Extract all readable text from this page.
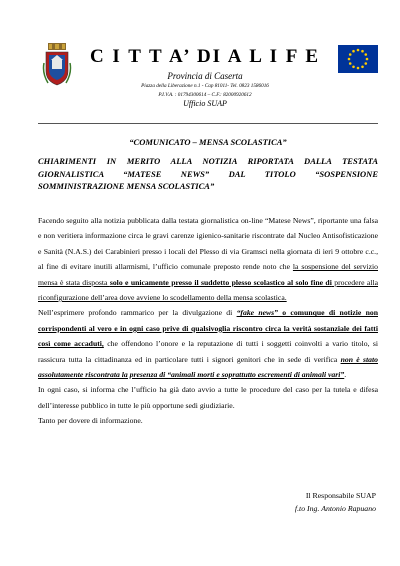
C I T T A’ DI A L I F E
Provincia di Caserta
Piazza della Liberazione n.1 - Cap 81011- Tel. 0823 1586016
P.I.V.A. : 01794300614 – C.F.: 82000920612
Ufficio SUAP
“COMUNICATO – MENSA SCOLASTICA”
CHIARIMENTI IN MERITO ALLA NOTIZIA RIPORTATA DALLA TESTATA GIORNALISTICA “MATESE NEWS” DAL TITOLO “SOSPENSIONE SOMMINISTRAZIONE MENSA SCOLASTICA”

Facendo seguito alla notizia pubblicata dalla testata giornalistica on-line “Matese News”, riportante una falsa e non veritiera informazione circa le gravi carenze igienico-sanitarie riscontrate dal Nucleo Antisofisticazione e Sanità (N.A.S.) dei Carabinieri presso i locali del Plesso di via Gramsci nella giornata di ieri 9 ottobre c.c., al fine di evitare inutili allarmismi, l’ufficio comunale preposto rende noto che la sospensione del servizio mensa è stata disposta solo e unicamente presso il suddetto plesso scolastico al solo fine di procedere alla riconfigurazione dell’area dove avviene lo scodellamento della mensa scolastica.

Nell’esprimere profondo rammarico per la divulgazione di “fake news” o comunque di notizie non corrispondenti al vero e in ogni caso prive di qualsivoglia riscontro circa la verità sostanziale dei fatti così come accaduti, che offendono l’onore e la reputazione di tutti i soggetti coinvolti a vario titolo, si rassicura tutta la cittadinanza ed in particolare tutti i signori genitori che in sede di verifica non è stato assolutamente riscontrata la presenza di “animali morti e soprattutto escrementi di animali vari”.

In ogni caso, si informa che l’ufficio ha già dato avvio a tutte le procedure del caso per la tutela e difesa dell’interesse pubblico in tutte le più opportune sedi giudiziarie.

Tanto per dovere di informazione.

Il Responsabile SUAP
f.to Ing. Antonio Rapuano
